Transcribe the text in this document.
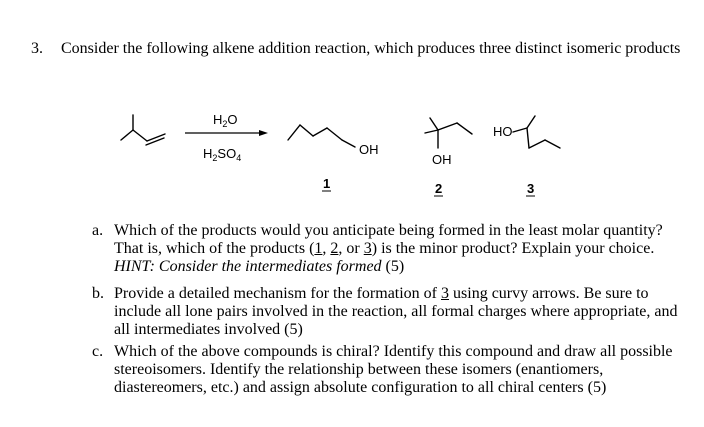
3. Consider the following alkene addition reaction, which produces three distinct isomeric products
$H_2O$
$H_2SO_4$
OH
1
OH
2
HO
3
a. Which of the products would you anticipate being formed in the least molar quantity? That is, which of the products (1, 2, or 3) is the minor product? Explain your choice. HINT: Consider the intermediates formed (5)
b. Provide a detailed mechanism for the formation of 3 using curvy arrows. Be sure to include all lone pairs involved in the reaction, all formal charges where appropriate, and all intermediates involved (5)
c. Which of the above compounds is chiral? Identify this compound and draw all possible stereoisomers. Identify the relationship between these isomers (enantiomers, diastereomers, etc.) and assign absolute configuration to all chiral centers (5)
